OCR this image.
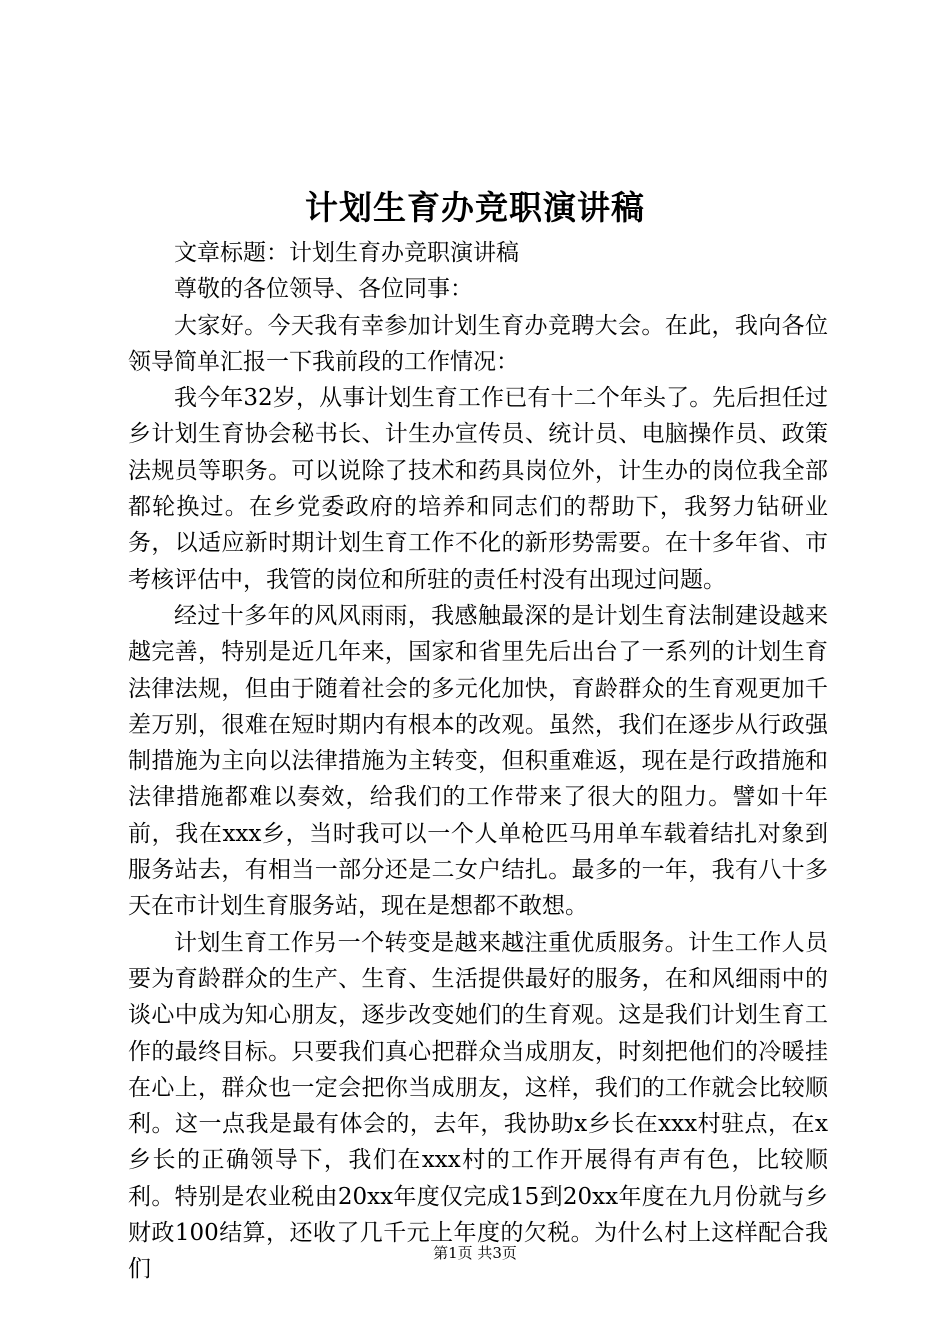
计划生育办竞职演讲稿

文章标题：计划生育办竞职演讲稿

尊敬的各位领导、各位同事：

大家好。今天我有幸参加计划生育办竞聘大会。在此，我向各位领导简单汇报一下我前段的工作情况：

我今年32岁，从事计划生育工作已有十二个年头了。先后担任过乡计划生育协会秘书长、计生办宣传员、统计员、电脑操作员、政策法规员等职务。可以说除了技术和药具岗位外，计生办的岗位我全部都轮换过。在乡党委政府的培养和同志们的帮助下，我努力钻研业务，以适应新时期计划生育工作不化的新形势需要。在十多年省、市考核评估中，我管的岗位和所驻的责任村没有出现过问题。

经过十多年的风风雨雨，我感触最深的是计划生育法制建设越来越完善，特别是近几年来，国家和省里先后出台了一系列的计划生育法律法规，但由于随着社会的多元化加快，育龄群众的生育观更加千差万别，很难在短时期内有根本的改观。虽然，我们在逐步从行政强制措施为主向以法律措施为主转变，但积重难返，现在是行政措施和法律措施都难以奏效，给我们的工作带来了很大的阻力。譬如十年前，我在xxx乡，当时我可以一个人单枪匹马用单车载着结扎对象到服务站去，有相当一部分还是二女户结扎。最多的一年，我有八十多天在市计划生育服务站，现在是想都不敢想。

计划生育工作另一个转变是越来越注重优质服务。计生工作人员要为育龄群众的生产、生育、生活提供最好的服务，在和风细雨中的谈心中成为知心朋友，逐步改变她们的生育观。这是我们计划生育工作的最终目标。只要我们真心把群众当成朋友，时刻把他们的冷暖挂在心上，群众也一定会把你当成朋友，这样，我们的工作就会比较顺利。这一点我是最有体会的，去年，我协助x乡长在xxx村驻点，在x乡长的正确领导下，我们在xxx村的工作开展得有声有色，比较顺利。特别是农业税由20xx年度仅完成15到20xx年度在九月份就与乡财政100结算，还收了几千元上年度的欠税。为什么村上这样配合我们

第1页 共3页
